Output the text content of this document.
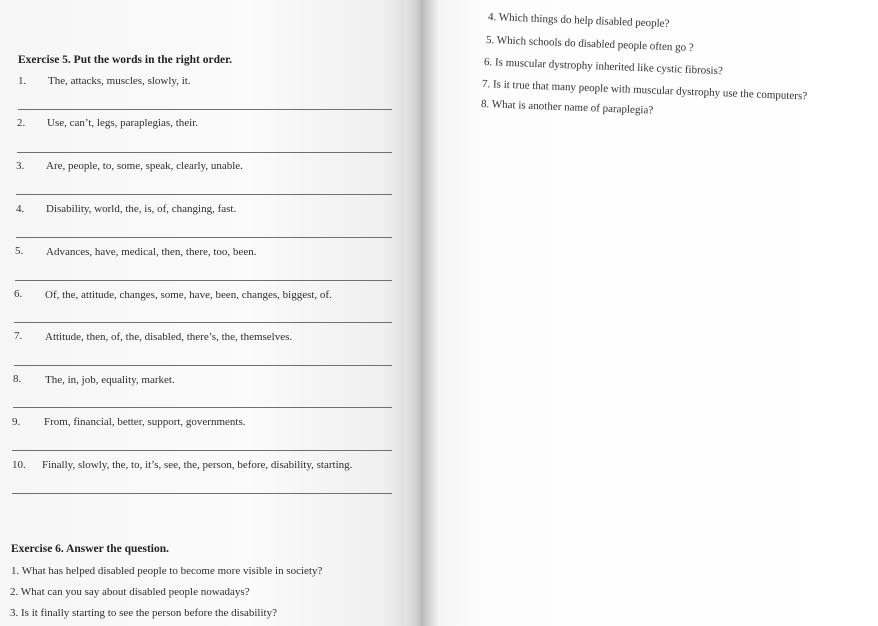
Exercise 5. Put the words in the right order.
1. The, attacks, muscles, slowly, it.
2. Use, can’t, legs, paraplegias, their.
3. Are, people, to, some, speak, clearly, unable.
4. Disability, world, the, is, of, changing, fast.
5. Advances, have, medical, then, there, too, been.
6. Of, the, attitude, changes, some, have, been, changes, biggest, of.
7. Attitude, then, of, the, disabled, there’s, the, themselves.
8. The, in, job, equality, market.
9. From, financial, better, support, governments.
10. Finally, slowly, the, to, it’s, see, the, person, before, disability, starting.
Exercise 6. Answer the question.
1. What has helped disabled people to become more visible in society?
2. What can you say about disabled people nowadays?
3. Is it finally starting to see the person before the disability?
4. Which things do help disabled people?
5. Which schools do disabled people often go ?
6. Is muscular dystrophy inherited like cystic fibrosis?
7. Is it true that many people with muscular dystrophy use the computers?
8. What is another name of paraplegia?
